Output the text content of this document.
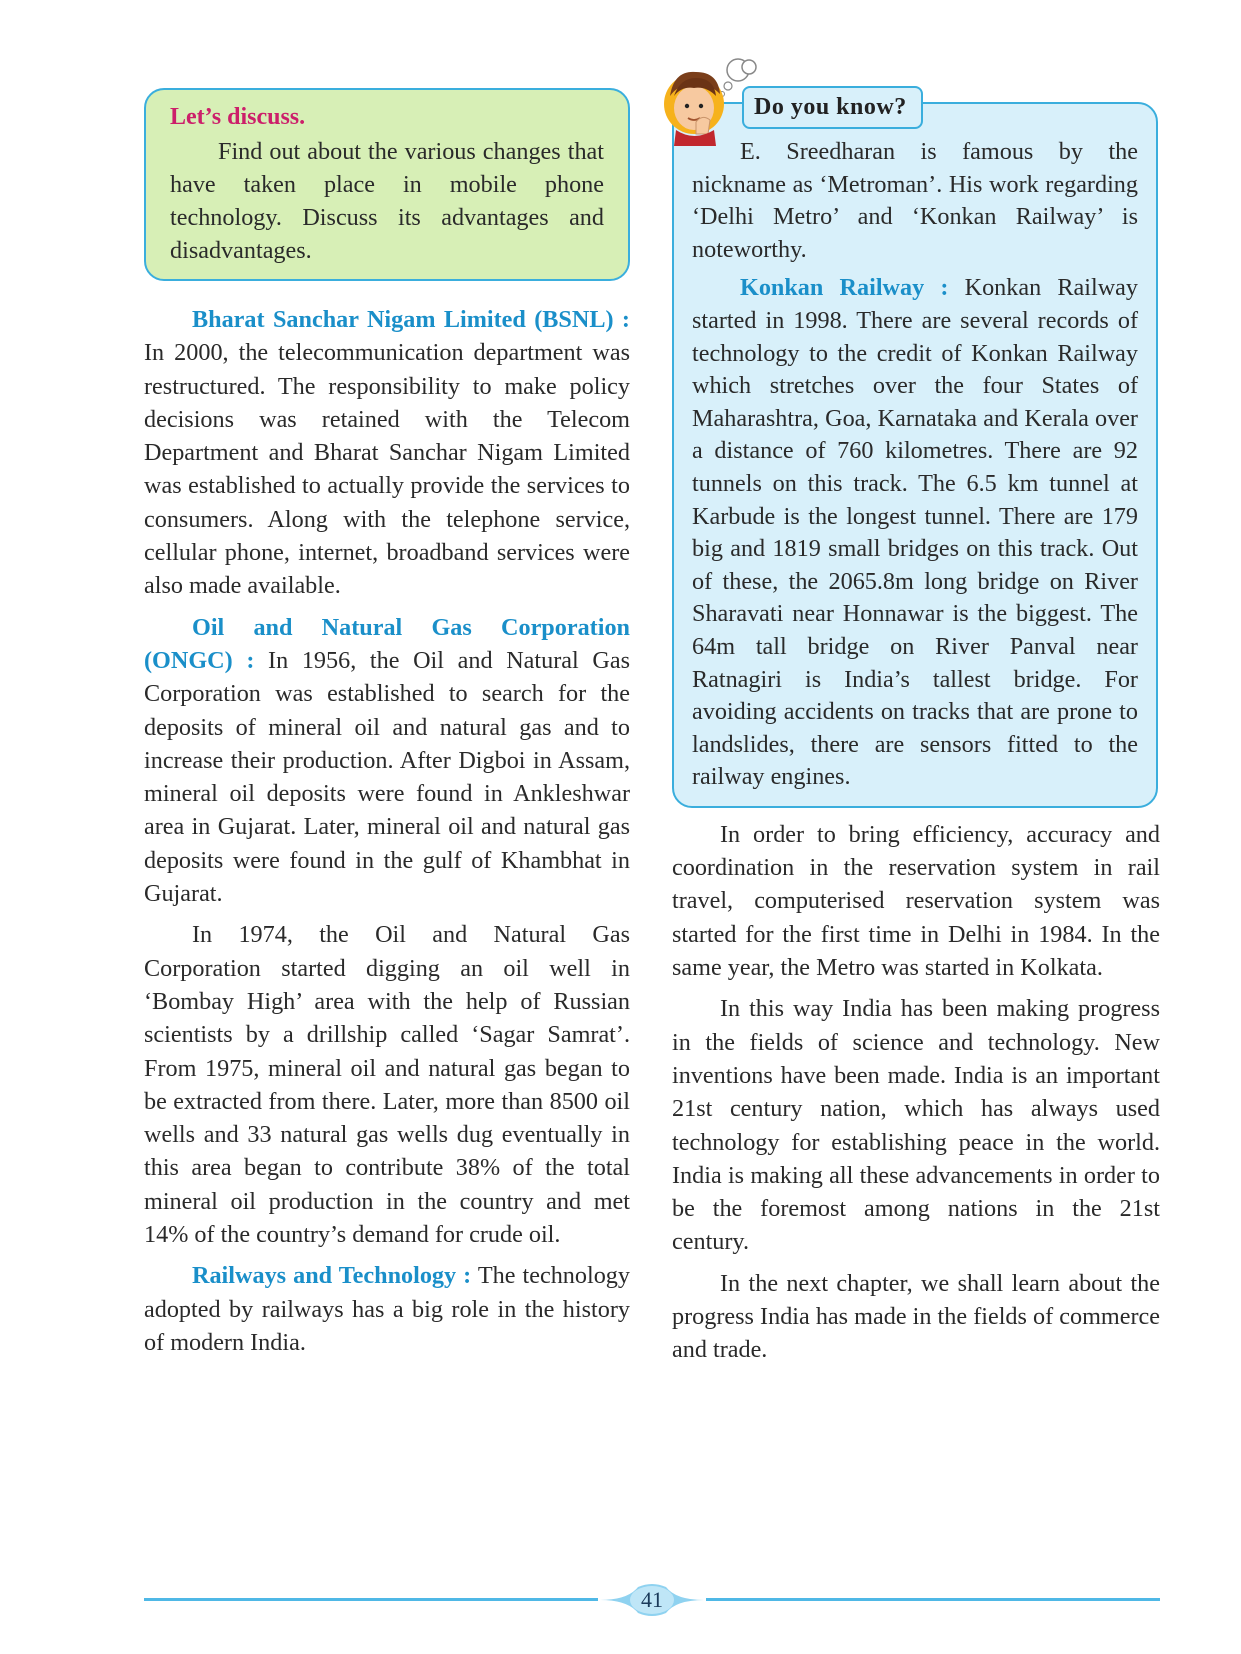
Let’s discuss.

Find out about the various changes that have taken place in mobile phone technology. Discuss its advantages and disadvantages.

Bharat Sanchar Nigam Limited (BSNL) : In 2000, the telecommunication department was restructured. The responsibility to make policy decisions was retained with the Telecom Department and Bharat Sanchar Nigam Limited was established to actually provide the services to consumers. Along with the telephone service, cellular phone, internet, broadband services were also made available.

Oil and Natural Gas Corporation (ONGC) : In 1956, the Oil and Natural Gas Corporation was established to search for the deposits of mineral oil and natural gas and to increase their production. After Digboi in Assam, mineral oil deposits were found in Ankleshwar area in Gujarat. Later, mineral oil and natural gas deposits were found in the gulf of Khambhat in Gujarat.

In 1974, the Oil and Natural Gas Corporation started digging an oil well in ‘Bombay High’ area with the help of Russian scientists by a drillship called ‘Sagar Samrat’. From 1975, mineral oil and natural gas began to be extracted from there. Later, more than 8500 oil wells and 33 natural gas wells dug eventually in this area began to contribute 38% of the total mineral oil production in the country and met 14% of the country’s demand for crude oil.

Railways and Technology : The technology adopted by railways has a big role in the history of modern India.

Do you know?

E. Sreedharan is famous by the nickname as ‘Metroman’. His work regarding ‘Delhi Metro’ and ‘Konkan Railway’ is noteworthy.

Konkan Railway : Konkan Railway started in 1998. There are several records of technology to the credit of Konkan Railway which stretches over the four States of Maharashtra, Goa, Karnataka and Kerala over a distance of 760 kilometres. There are 92 tunnels on this track. The 6.5 km tunnel at Karbude is the longest tunnel. There are 179 big and 1819 small bridges on this track. Out of these, the 2065.8m long bridge on River Sharavati near Honnawar is the biggest. The 64m tall bridge on River Panval near Ratnagiri is India’s tallest bridge. For avoiding accidents on tracks that are prone to landslides, there are sensors fitted to the railway engines.

In order to bring efficiency, accuracy and coordination in the reservation system in rail travel, computerised reservation system was started for the first time in Delhi in 1984. In the same year, the Metro was started in Kolkata.

In this way India has been making progress in the fields of science and technology. New inventions have been made. India is an important 21st century nation, which has always used technology for establishing peace in the world. India is making all these advancements in order to be the foremost among nations in the 21st century.

In the next chapter, we shall learn about the progress India has made in the fields of commerce and trade.

41
